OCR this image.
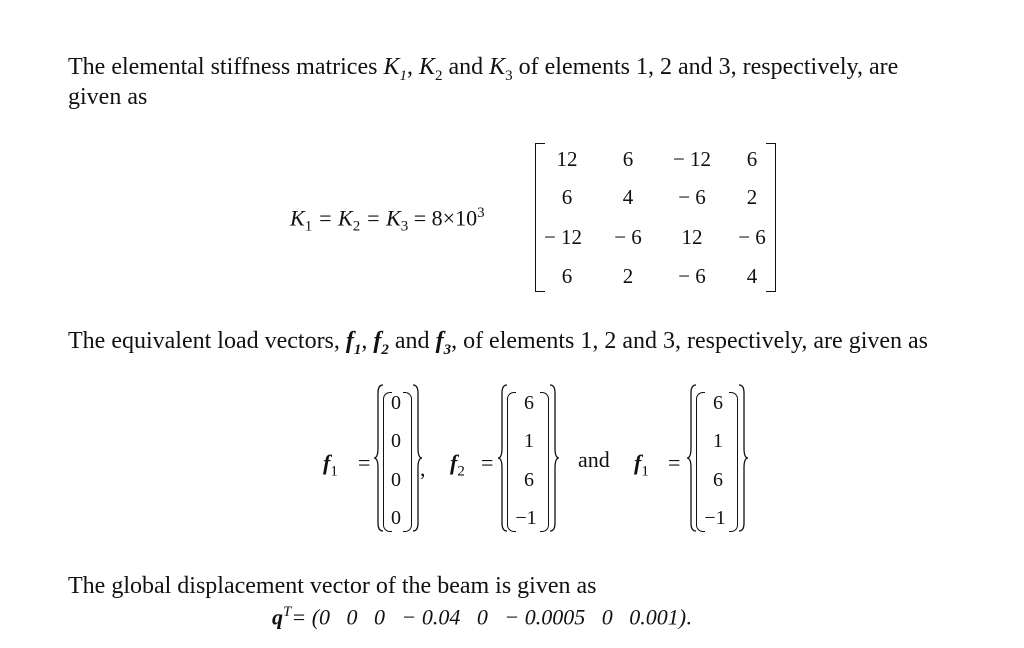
The elemental stiffness matrices $K_1$, $K_2$ and $K_3$ of elements 1, 2 and 3, respectively, are
given as
$K_1 = K_2 = K_3 = 8\times 10^3$
12	6	− 12	6
6	4	− 6	2
− 12	− 6	12	− 6
6	2	− 6	4
The equivalent load vectors, $f_1$, $f_2$ and $f_3$, of elements 1, 2 and 3, respectively, are given as
$f_1$ =
0
0
0
0
, $f_2$ =
6
1
6
−1
and $f_1$ =
6
1
6
−1
The global displacement vector of the beam is given as
$q^T= (0$   0   0   − 0.04   0   − 0.0005   0   0.001).
